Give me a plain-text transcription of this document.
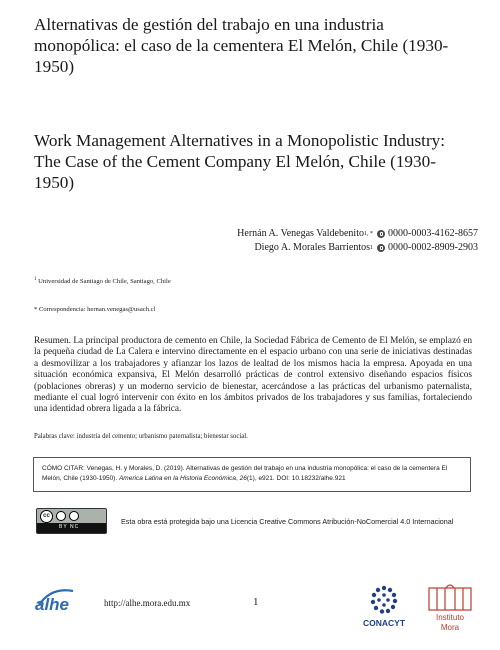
Alternativas de gestión del trabajo en una industria monopólica: el caso de la cementera El Melón, Chile (1930-1950)
Work Management Alternatives in a Monopolistic Industry: The Case of the Cement Company El Melón, Chile (1930-1950)
Hernán A. Venegas Valdebenito 1, * 0000-0003-4162-8657
Diego A. Morales Barrientos 1 0000-0002-8909-2903
$^1$ Universidad de Santiago de Chile, Santiago, Chile
* Correspondencia: hernan.venegas@usach.cl
Resumen. La principal productora de cemento en Chile, la Sociedad Fábrica de Cemento de El Melón, se emplazó en la pequeña ciudad de La Calera e intervino directamente en el espacio urbano con una serie de iniciativas destinadas a desmovilizar a los trabajadores y afianzar los lazos de lealtad de los mismos hacia la empresa. Apoyada en una situación económica expansiva, El Melón desarrolló prácticas de control extensivo diseñando espacios físicos (poblaciones obreras) y un moderno servicio de bienestar, acercándose a las prácticas del urbanismo paternalista, mediante el cual logró intervenir con éxito en los ámbitos privados de los trabajadores y sus familias, fortaleciendo una identidad obrera ligada a la fábrica.
Palabras clave: industria del cemento; urbanismo paternalista; bienestar social.
CÓMO CITAR: Venegas, H. y Morales, D. (2019). Alternativas de gestión del trabajo en una industria monopólica: el caso de la cementera El Melón, Chile (1930-1950). America Latina en la Historia Económica, 26(1), e921. DOI: 10.18232/alhe.921
cc
BY NC
Esta obra está protegida bajo una Licencia Creative Commons Atribución-NoComercial 4.0 Internacional
alhe	http://alhe.mora.edu.mx	1
CONACYT
Instituto
Mora
